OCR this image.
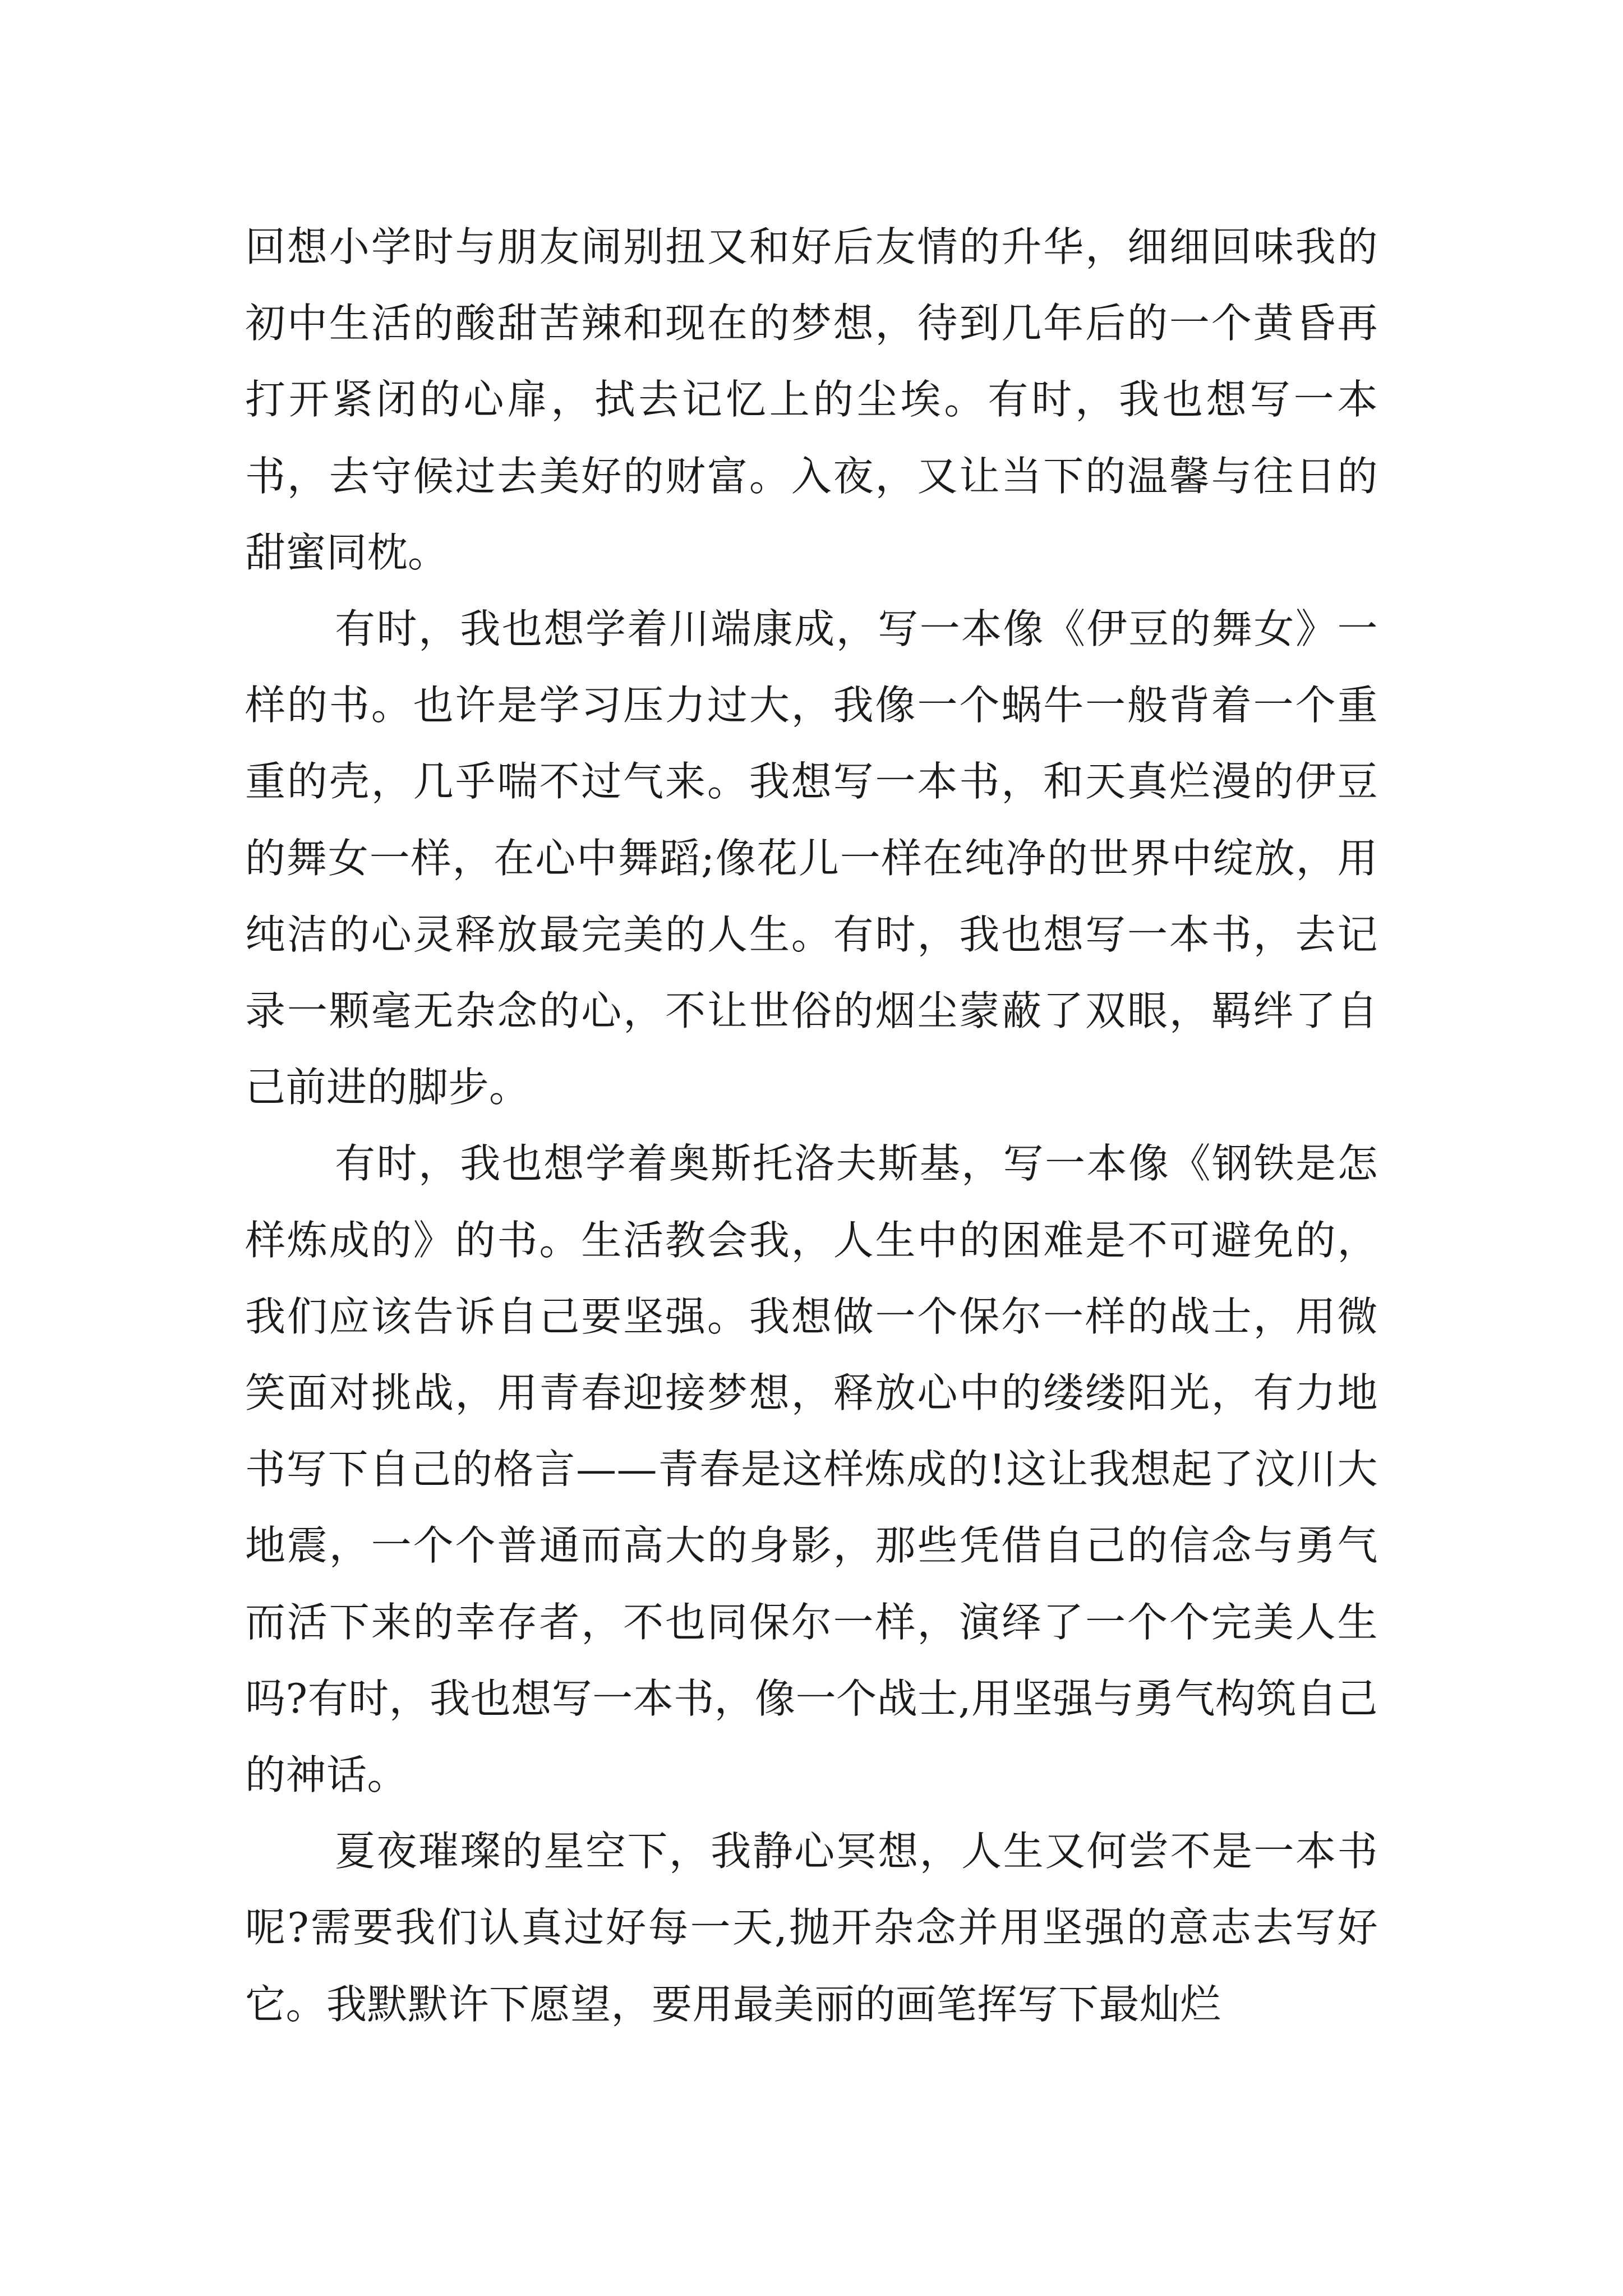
回想小学时与朋友闹别扭又和好后友情的升华，细细回味我的初中生活的酸甜苦辣和现在的梦想，待到几年后的一个黄昏再打开紧闭的心扉，拭去记忆上的尘埃。有时，我也想写一本书，去守候过去美好的财富。入夜，又让当下的温馨与往日的甜蜜同枕。

有时，我也想学着川端康成，写一本像《伊豆的舞女》一样的书。也许是学习压力过大，我像一个蜗牛一般背着一个重重的壳，几乎喘不过气来。我想写一本书，和天真烂漫的伊豆的舞女一样，在心中舞蹈;像花儿一样在纯净的世界中绽放，用纯洁的心灵释放最完美的人生。有时，我也想写一本书，去记录一颗毫无杂念的心，不让世俗的烟尘蒙蔽了双眼，羁绊了自己前进的脚步。

有时，我也想学着奥斯托洛夫斯基，写一本像《钢铁是怎样炼成的》的书。生活教会我，人生中的困难是不可避免的，我们应该告诉自己要坚强。我想做一个保尔一样的战士，用微笑面对挑战，用青春迎接梦想，释放心中的缕缕阳光，有力地书写下自己的格言——青春是这样炼成的!这让我想起了汶川大地震，一个个普通而高大的身影，那些凭借自己的信念与勇气而活下来的幸存者，不也同保尔一样，演绎了一个个完美人生吗?有时，我也想写一本书，像一个战士,用坚强与勇气构筑自己的神话。

夏夜璀璨的星空下，我静心冥想，人生又何尝不是一本书呢?需要我们认真过好每一天,抛开杂念并用坚强的意志去写好它。我默默许下愿望，要用最美丽的画笔挥写下最灿烂
